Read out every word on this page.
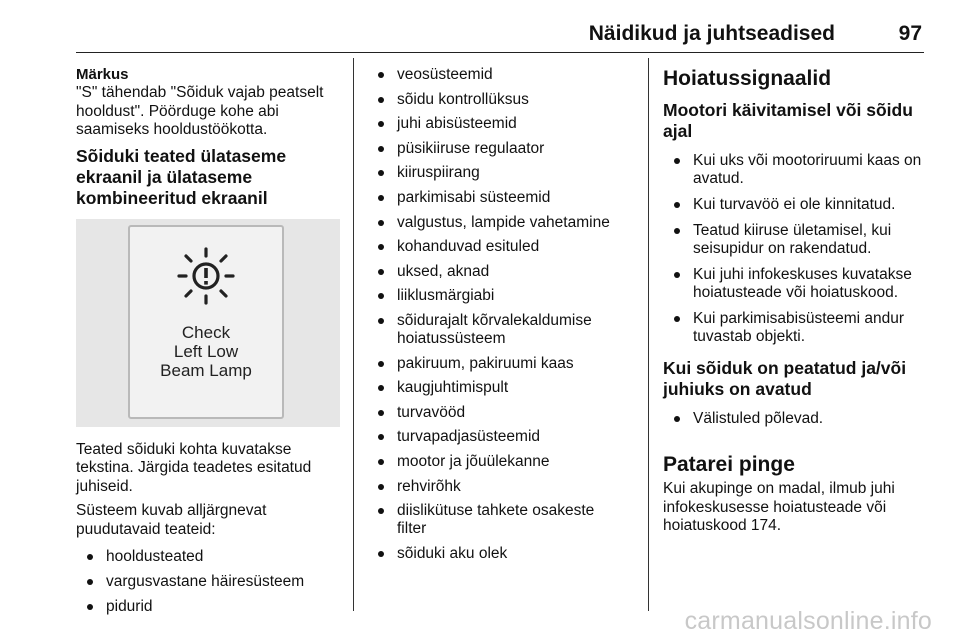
Näidikud ja juhtseadised	97
Märkus

"S" tähendab "Sõiduk vajab peatselt
hooldust". Pöörduge kohe abi
saamiseks hooldustöökotta.

Sõiduki teated ülataseme
ekraanil ja ülataseme
kombineeritud ekraanil
Check
Left Low
Beam Lamp

Teated sõiduki kohta kuvatakse
tekstina. Järgida teadetes esitatud
juhiseid.

Süsteem kuvab alljärgnevat
puudutavaid teateid:

hooldusteated
vargusvastane häiresüsteem
pidurid
veosüsteemid
sõidu kontrollüksus
juhi abisüsteemid
püsikiiruse regulaator
kiiruspiirang
parkimisabi süsteemid
valgustus, lampide vahetamine
kohanduvad esituled
uksed, aknad
liiklusmärgiabi
sõidurajalt kõrvalekaldumise
hoiatussüsteem
pakiruum, pakiruumi kaas
kaugjuhtimispult
turvavööd
turvapadjasüsteemid
mootor ja jõuülekanne
rehvirõhk
diislikütuse tahkete osakeste
filter
sõiduki aku olek
Hoiatussignaalid
Mootori käivitamisel või sõidu ajal
Kui uks või mootoriruumi kaas on
avatud.
Kui turvavöö ei ole kinnitatud.
Teatud kiiruse ületamisel, kui
seisupidur on rakendatud.
Kui juhi infokeskuses kuvatakse
hoiatusteade või hoiatuskood.
Kui parkimisabisüsteemi andur
tuvastab objekti.
Kui sõiduk on peatatud ja/või
juhiuks on avatud
Välistuled põlevad.
Patarei pinge

Kui akupinge on madal, ilmub juhi
infokeskusesse hoiatusteade või
hoiatuskood 174.

carmanualsonline.info
